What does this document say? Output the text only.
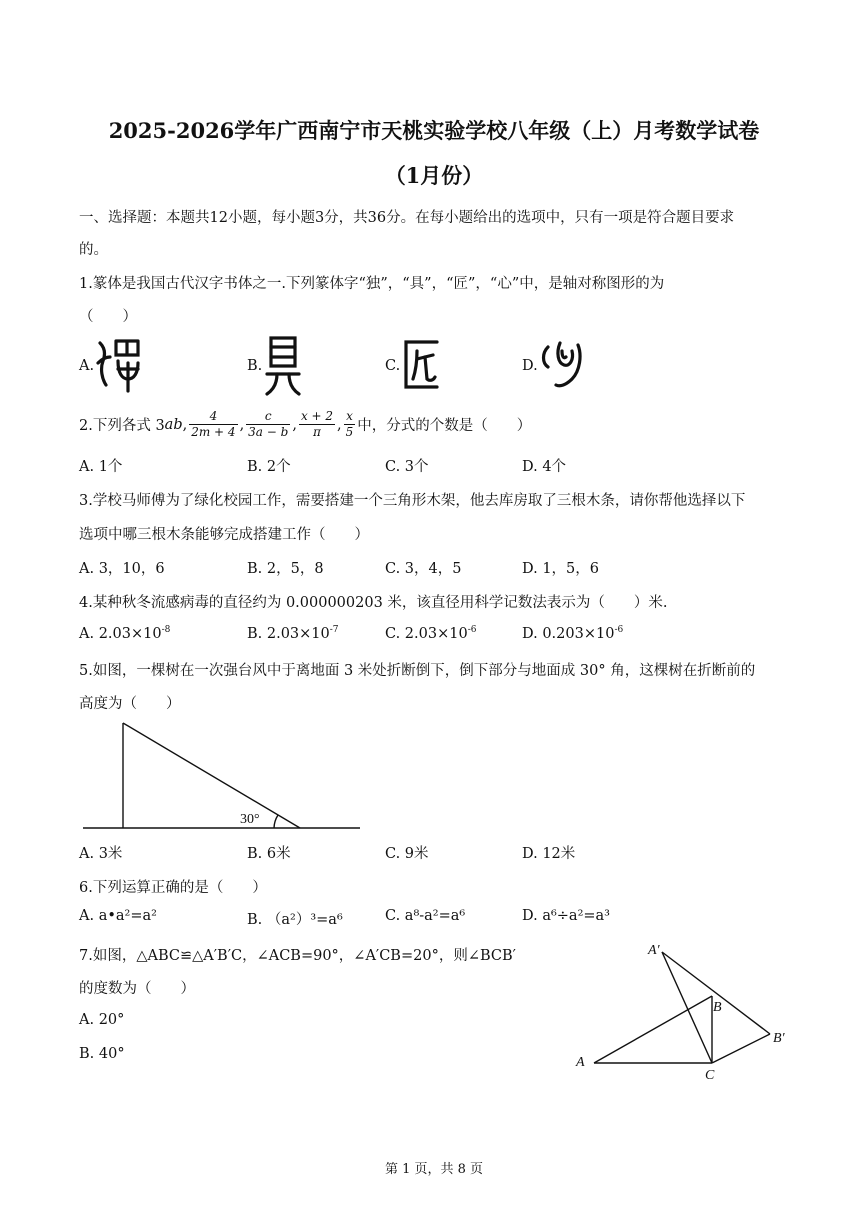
2025-2026学年广西南宁市天桃实验学校八年级（上）月考数学试卷
（1月份）
一、选择题：本题共12小题，每小题3分，共36分。在每小题给出的选项中，只有一项是符合题目要求
的。
1.篆体是我国古代汉字书体之一.下列篆体字“独”，“具”，“匠”，“心”中，是轴对称图形的为
（　　）
A.	B.	C.	D.
2.下列各式 3 ab , $\frac{4}{2m + 4}$ , $\frac{c}{3a - b}$ , $\frac{x + 2}{\pi}$ , $\frac{x}{5}$ 中，分式的个数是（　　）
A. 1个	B. 2个	C. 3个	D. 4个
3.学校马师傅为了绿化校园工作，需要搭建一个三角形木架，他去库房取了三根木条，请你帮他选择以下
选项中哪三根木条能够完成搭建工作（　　）
A. 3，10，6	B. 2，5，8	C. 3，4，5	D. 1，5，6
4.某种秋冬流感病毒的直径约为 0.000000203 米，该直径用科学记数法表示为（　　）米.
A. $2.03\times 10^{-8}$	B. $2.03\times 10^{-7}$	C. $2.03\times 10^{-6}$	D. $0.203\times 10^{-6}$
5.如图，一棵树在一次强台风中于离地面 3 米处折断倒下，倒下部分与地面成 30° 角，这棵树在折断前的
高度为（　　）
30°
A. 3米	B. 6米	C. 9米	D. 12米
6.下列运算正确的是（　　）
A. a•a²=a²	B. （a²）³=a⁶	C. a⁸-a²=a⁶	D. a⁶÷a²=a³
7.如图，△ABC≌△A′B′C，∠ACB=90°，∠A′CB=20°，则∠BCB′
的度数为（　　）
A. 20°
B. 40°
A′
B
B′
A
C
第 1 页，共 8 页
